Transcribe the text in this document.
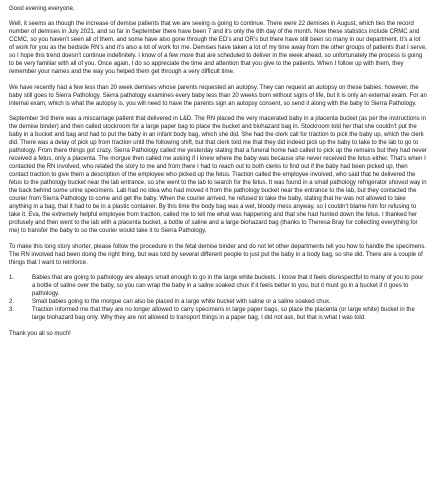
Good evening everyone,

Well, it seems as though the increase of demise patients that we are seeing is going to continue. There were 22 demises in August, which ties the record number of demises in July 2021, and so far in September there have been 7 and it’s only the 8th day of the month. Now these statistics include CRMC and CCMC, so you haven’t seen all of them, and some have also gone through the ED’s and OR’s but there have still been so many in our department. It’s a lot of work for you as the bedside RN’s and it’s also a lot of work for me. Demises have taken a lot of my time away from the other groups of patients that I serve, so I hope this trend doesn’t continue indefinitely. I know of a few more that are scheduled to deliver in the week ahead, so unfortunately the process is going to be very familiar with all of you. Once again, I do so appreciate the time and attention that you give to the patients. When I follow up with them, they remember your names and the way you helped them get through a very difficult time.

We have recently had a few less than 20 week demises whose parents requested an autopsy. They can request an autopsy on these babies, however, the baby still goes to Sierra Pathology. Sierra pathology examines every baby less than 20 weeks born without signs of life, but it is only an external exam. For an internal exam, which is what the autopsy is, you will need to have the parents sign an autopsy consent, so send it along with the baby to Sierra Pathology.

September 3rd there was a miscarriage patient that delivered in L&D. The RN placed the very macerated baby in a placenta bucket (as per the instructions in the demise binder) and then called stockroom for a large paper bag to place the bucket and biohazard bag in. Stockroom told her that she couldn’t put the baby in a bucket and bag and had to put the baby in an infant body bag, which she did. She had the clerk call for traction to pick the baby up, which the clerk did. There was a delay of pick up from traction until the following shift, but that clerk told me that they did indeed pick up the baby to take to the lab to go to pathology. From there things got crazy. Sierra Pathology called me yesterday stating that a funeral home had called to pick up the remains but they had never received a fetus, only a placenta. The morgue then called me asking if I knew where the baby was because she never received the fetus either. That’s when I contacted the RN involved, who related the story to me and from there I had to reach out to both clerks to find out if the baby had been picked up, then contact traction to give them a description of the employee who picked up the fetus. Traction called the employee involved, who said that he delivered the fetus to the pathology bucket near the lab entrance, so she went to the lab to search for the fetus. It was found in a small pathology refrigerator shoved way in the back behind some urine specimens. Lab had no idea who had moved it from the pathology bucket near the entrance to the lab, but they contacted the courier from Sierra Pathology to come and get the baby. When the courier arrived, he refused to take the baby, stating that he was not allowed to take anything in a bag, that it had to be in a plastic container. By this time the body bag was a wet, bloody mess anyway, so I couldn’t blame him for refusing to take it. Eva, the extremely helpful employee from traction, called me to tell me what was happening and that she had hunted down the fetus. I thanked her profusely and then went to the lab with a placenta bucket, a bottle of saline and a large biohazard bag (thanks to Theresa Bray for collecting everything for me) to transfer the baby to so the courier would take it to Sierra Pathology.

To make this long story shorter, please follow the procedure in the fetal demise binder and do not let other departments tell you how to handle the specimens. The RN involved had been doing the right thing, but was told by several different people to just put the baby in a body bag, so she did. There are a couple of things that I want to reinforce.

1.	Babies that are going to pathology are always small enough to go in the large white buckets. I know that it feels disrespectful to many of you to pour a bottle of saline over the baby, so you can wrap the baby in a saline soaked chux if it feels better to you, but it must go in a bucket if it goes to pathology.
2.	Small babies going to the morgue can also be placed in a large white bucket with saline or a saline soaked chux.
3.	Traction informed me that they are no longer allowed to carry specimens in large paper bags, so place the placenta (or large white) bucket in the large biohazard bag only. Why they are not allowed to transport things in a paper bag, I did not ask, but that is what I was told.

Thank you all so much!
